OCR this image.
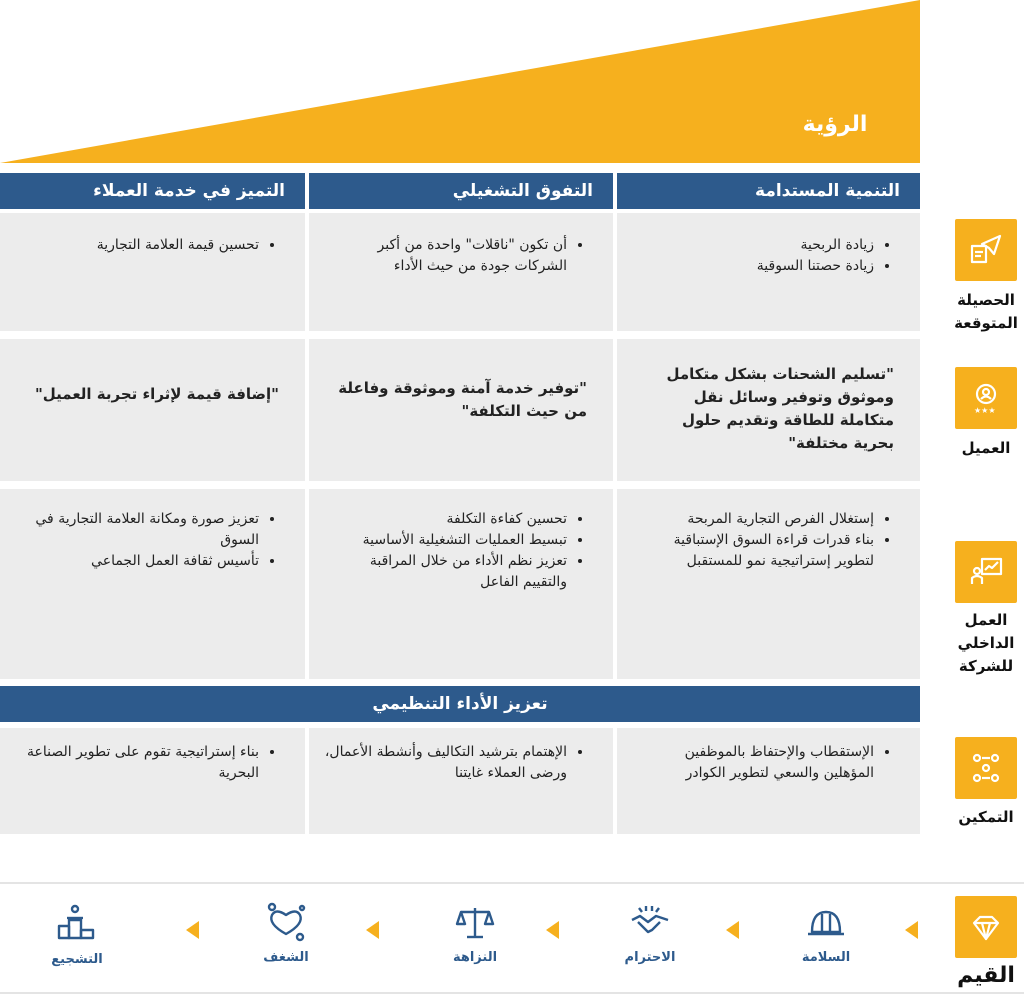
الرؤية
التنمية المستدامة
التفوق التشغيلي
التميز في خدمة العملاء
• زيادة الربحية
• زيادة حصتنا السوقية
• أن تكون "ناقلات" واحدة من أكبر الشركات جودة من حيث الأداء
• تحسين قيمة العلامة التجارية
"تسليم الشحنات بشكل متكامل وموثوق وتوفير وسائل نقل متكاملة للطاقة وتقديم حلول بحرية مختلفة"
"توفير خدمة آمنة وموثوقة وفاعلة من حيث التكلفة"
"إضافة قيمة لإثراء تجربة العميل"
• إستغلال الفرص التجارية المربحة
• بناء قدرات قراءة السوق الإستباقية لتطوير إستراتيجية نمو للمستقبل
• تحسين كفاءة التكلفة
• تبسيط العمليات التشغيلية الأساسية
• تعزيز نظم الأداء من خلال المراقبة والتقييم الفاعل
• تعزيز صورة ومكانة العلامة التجارية في السوق
• تأسيس ثقافة العمل الجماعي
تعزيز الأداء التنظيمي
• الإستقطاب والإحتفاظ بالموظفين المؤهلين والسعي لتطوير الكوادر
• الإهتمام بترشيد التكاليف وأنشطة الأعمال، ورضى العملاء غايتنا
• بناء إستراتيجية تقوم على تطوير الصناعة البحرية
الحصيلة المتوقعة
★★★
العميل
العمل الداخلي للشركة
التمكين
القيم
السلامة
الاحترام
النزاهة
الشغف
التشجيع
